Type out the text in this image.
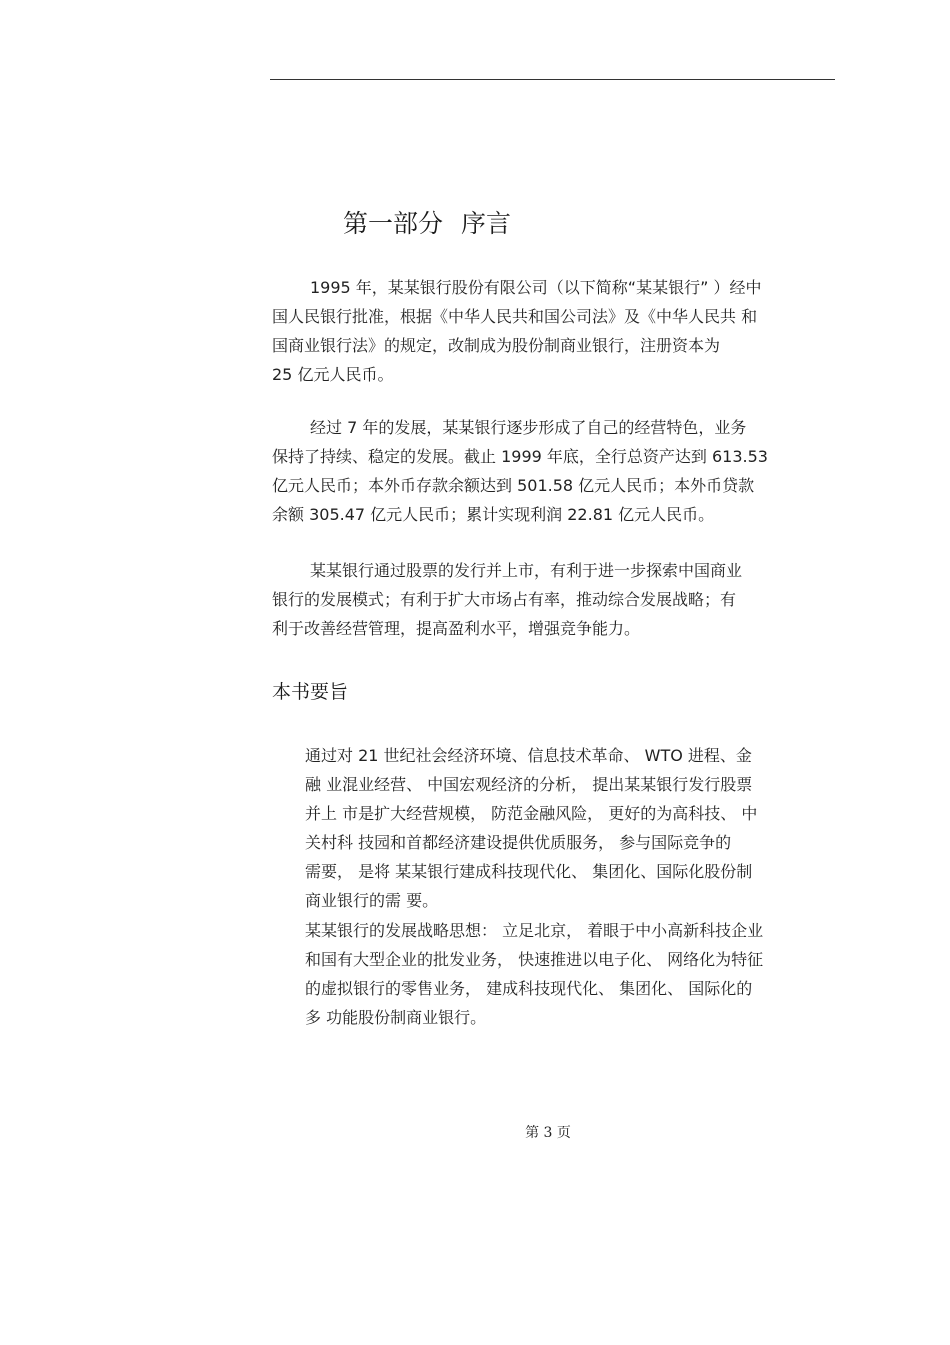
第一部分 序言
1995 年，某某银行股份有限公司（以下简称“某某银行” ）经中
国人民银行批准，根据《中华人民共和国公司法》及《中华人民共 和
国商业银行法》的规定，改制成为股份制商业银行，注册资本为
25 亿元人民币。
经过 7 年的发展，某某银行逐步形成了自己的经营特色，业务
保持了持续、稳定的发展。截止 1999 年底，全行总资产达到 613.53
亿元人民币；本外币存款余额达到 501.58 亿元人民币；本外币贷款
余额 305.47 亿元人民币；累计实现利润 22.81 亿元人民币。
某某银行通过股票的发行并上市，有利于进一步探索中国商业
银行的发展模式；有利于扩大市场占有率，推动综合发展战略；有
利于改善经营管理，提高盈利水平，增强竞争能力。
本书要旨
通过对 21 世纪社会经济环境、信息技术革命、 WTO 进程、金
融 业混业经营、 中国宏观经济的分析， 提出某某银行发行股票
并上 市是扩大经营规模， 防范金融风险， 更好的为高科技、 中
关村科 技园和首都经济建设提供优质服务， 参与国际竞争的
需要， 是将 某某银行建成科技现代化、 集团化、国际化股份制
商业银行的需 要。
某某银行的发展战略思想： 立足北京， 着眼于中小高新科技企业
和国有大型企业的批发业务， 快速推进以电子化、 网络化为特征
的虚拟银行的零售业务， 建成科技现代化、 集团化、 国际化的
多 功能股份制商业银行。
第 3 页
